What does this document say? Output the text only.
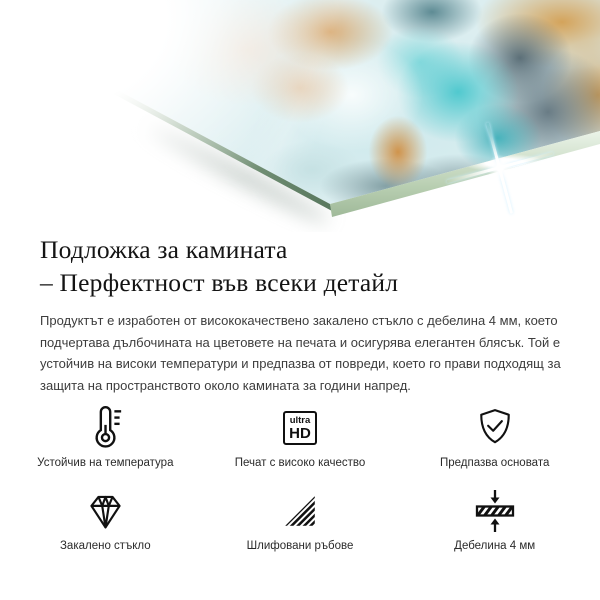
Подложка за камината
– Перфектност във всеки детайл
Продуктът е изработен от висококачествено закалено стъкло с дебелина 4 мм, което подчертава дълбочината на цветовете на печата и осигурява елегантен блясък. Той е устойчив на високи температури и предпазва от повреди, което го прави подходящ за защита на пространството около камината за години напред.
Устойчив на температура
ultra
HD
Печат с високо качество	Предпазва основата
Закалено стъкло	Шлифовани ръбове	Дебелина 4 мм
